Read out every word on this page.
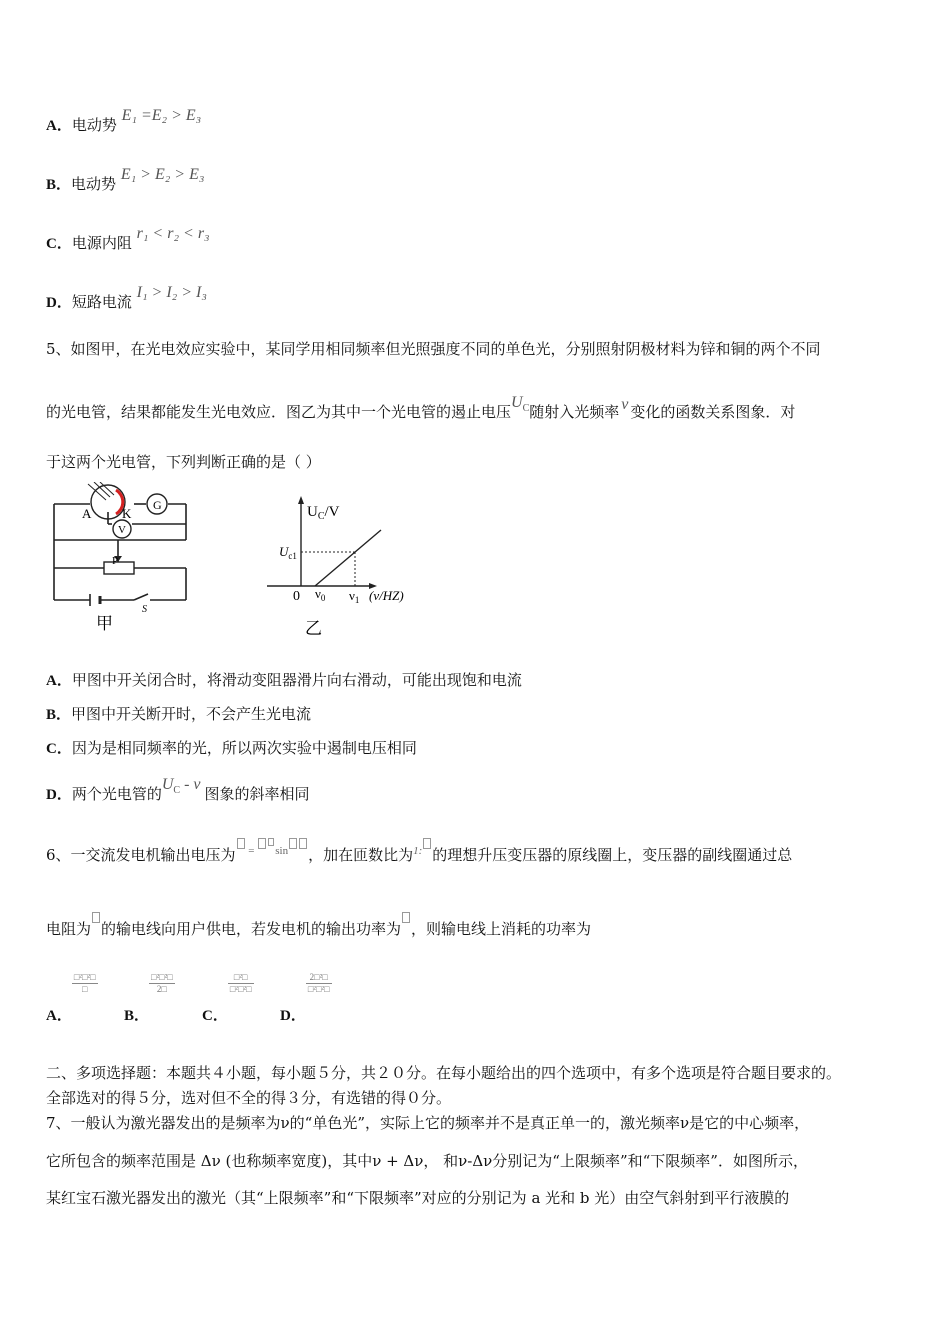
A．电动势 E₁ =E₂ > E₃
B．电动势 E₁ > E₂ > E₃
C．电源内阻 r₁ < r₂ < r₃
D．短路电流 I₁ > I₂ > I₃
5、如图甲，在光电效应实验中，某同学用相同频率但光照强度不同的单色光，分别照射阴极材料为锌和铜的两个不同
的光电管，结果都能发生光电效应．图乙为其中一个光电管的遏止电压$U_C$随射入光频率 ν 变化的函数关系图象．对
于这两个光电管，下列判断正确的是（ ）
G
V
A K
P
S
甲
$U_C/V$
$U_{c1}$
0 $\nu_0$ $\nu_1$ (ν/HZ)
乙
A．甲图中开关闭合时，将滑动变阻器滑片向右滑动，可能出现饱和电流
B．甲图中开关断开时，不会产生光电流
C．因为是相同频率的光，所以两次实验中遏制电压相同
D．两个光电管的$U_C$ - ν图象的斜率相同
6、一交流发电机输出电压为 $^{= sin}$ ，加在匝数比为$^{1:}$ 的理想升压变压器的原线圈上，变压器的副线圈通过总
电阻为 的输电线向用户供电，若发电机的输出功率为 ，则输电线上消耗的功率为
A．
$\frac{\text{□²□²□}}{□}$
B．
$\frac{\text{□²□²□}}{2□}$
C．
$\frac{\text{□²□}}{\text{□²□²□}}$
D．
$\frac{\text{2□²□}}{\text{□²□²□}}$
二、多项选择题：本题共４小题，每小题５分，共２０分。在每小题给出的四个选项中，有多个选项是符合题目要求的。
全部选对的得５分，选对但不全的得３分，有选错的得０分。
7、一般认为激光器发出的是频率为ν的“单色光”，实际上它的频率并不是真正单一的，激光频率ν是它的中心频率，
它所包含的频率范围是 Δν (也称频率宽度)，其中ν + Δν， 和ν-Δν分别记为“上限频率”和“下限频率”．如图所示，
某红宝石激光器发出的激光（其“上限频率”和“下限频率”对应的分别记为 a 光和 b 光）由空气斜射到平行液膜的
